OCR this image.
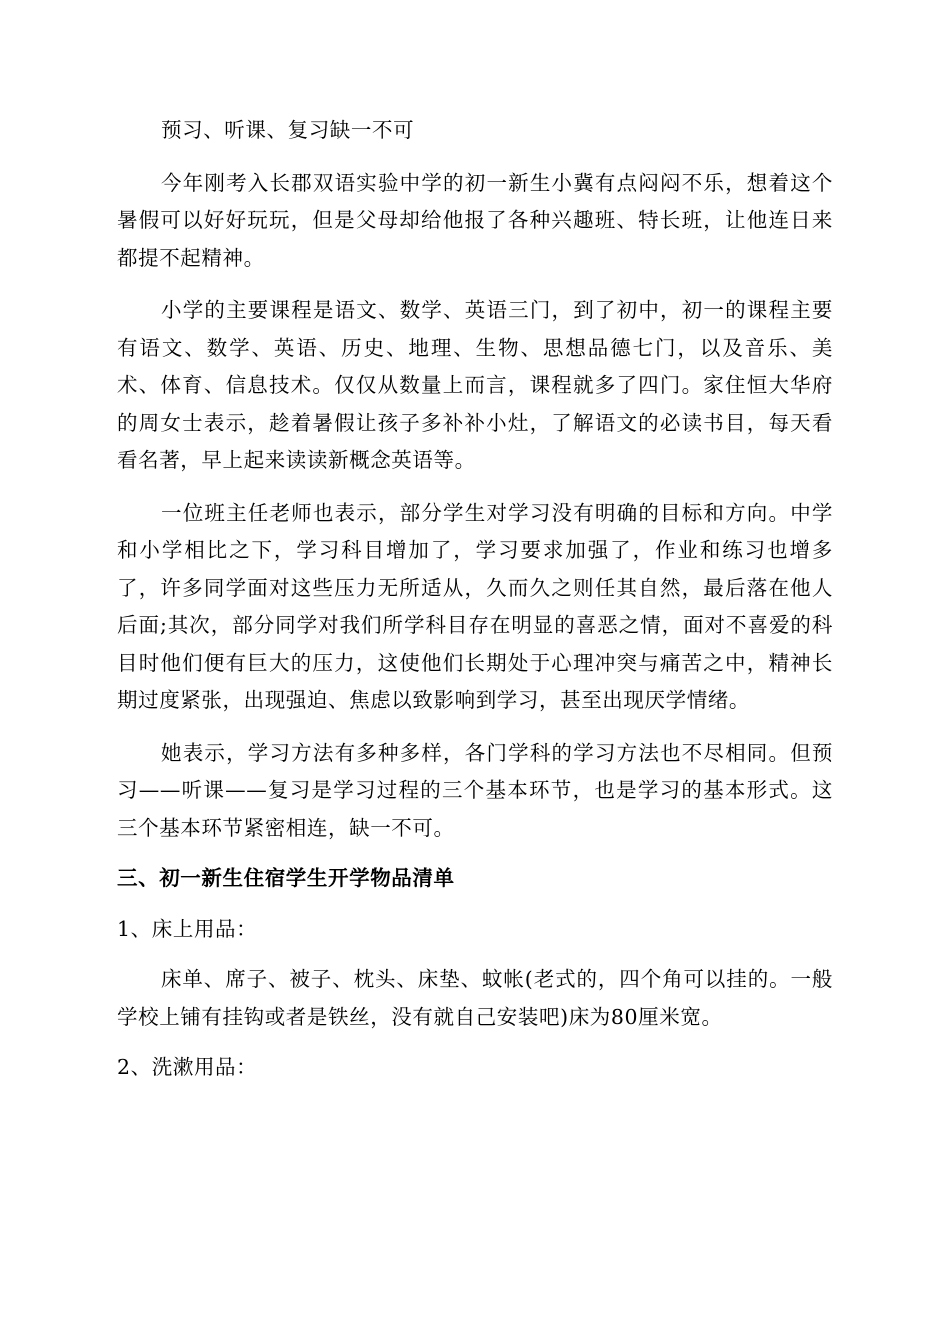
预习、听课、复习缺一不可

今年刚考入长郡双语实验中学的初一新生小冀有点闷闷不乐，想着这个暑假可以好好玩玩，但是父母却给他报了各种兴趣班、特长班，让他连日来都提不起精神。

小学的主要课程是语文、数学、英语三门，到了初中，初一的课程主要有语文、数学、英语、历史、地理、生物、思想品德七门，以及音乐、美术、体育、信息技术。仅仅从数量上而言，课程就多了四门。家住恒大华府的周女士表示，趁着暑假让孩子多补补小灶，了解语文的必读书目，每天看看名著，早上起来读读新概念英语等。

一位班主任老师也表示，部分学生对学习没有明确的目标和方向。中学和小学相比之下，学习科目增加了，学习要求加强了，作业和练习也增多了，许多同学面对这些压力无所适从，久而久之则任其自然，最后落在他人后面;其次，部分同学对我们所学科目存在明显的喜恶之情，面对不喜爱的科目时他们便有巨大的压力，这使他们长期处于心理冲突与痛苦之中，精神长期过度紧张，出现强迫、焦虑以致影响到学习，甚至出现厌学情绪。

她表示，学习方法有多种多样，各门学科的学习方法也不尽相同。但预习——听课——复习是学习过程的三个基本环节，也是学习的基本形式。这三个基本环节紧密相连，缺一不可。

三、初一新生住宿学生开学物品清单

1、床上用品：

床单、席子、被子、枕头、床垫、蚊帐(老式的，四个角可以挂的。一般学校上铺有挂钩或者是铁丝，没有就自己安装吧)床为80厘米宽。

2、洗漱用品：
